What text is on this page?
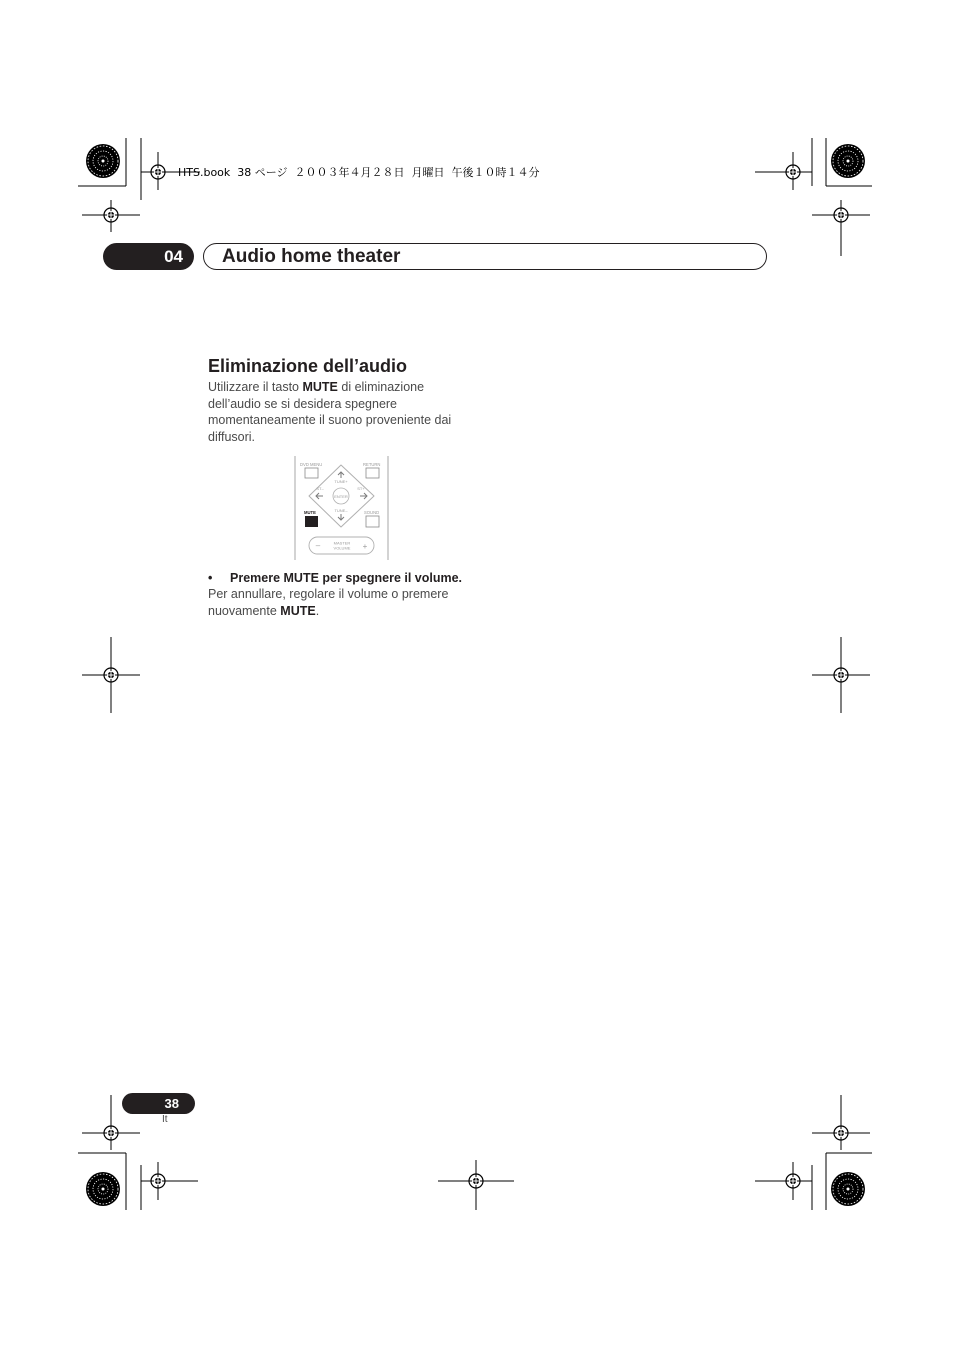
HTS.book  38 ページ  ２００３年４月２８日  月曜日  午後１０時１４分
04 Audio home theater
Eliminazione dell’audio
Utilizzare il tasto MUTE di eliminazione dell’audio se si desidera spegnere momentaneamente il suono proveniente dai diffusori.
DVD MENU	RETURN
ENTER
TUNE+
TUNE–
ST–	ST+
MUTE	SOUND
–	+
MASTER
VOLUME
• Premere MUTE per spegnere il volume.
Per annullare, regolare il volume o premere nuovamente MUTE.
38
It
